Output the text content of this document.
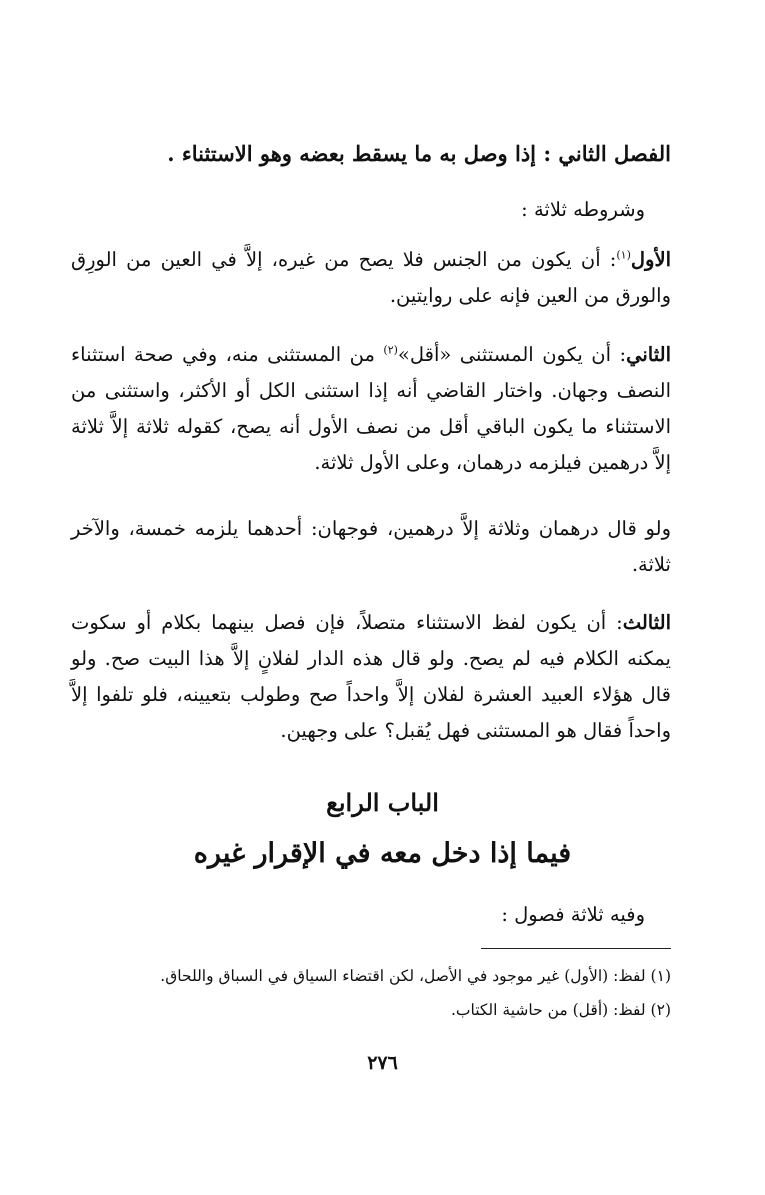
الفصل الثاني : إذا وصل به ما يسقط بعضه وهو الاستثناء .

وشروطه ثلاثة :

الأول$^{(١)}$: أن يكون من الجنس فلا يصح من غيره، إلاَّ في العين من الورِق والورق من العين فإنه على روايتين.

الثاني: أن يكون المستثنى «أقل»$^{(٢)}$ من المستثنى منه، وفي صحة استثناء النصف وجهان. واختار القاضي أنه إذا استثنى الكل أو الأكثر، واستثنى من الاستثناء ما يكون الباقي أقل من نصف الأول أنه يصح، كقوله ثلاثة إلاَّ ثلاثة إلاَّ درهمين فيلزمه درهمان، وعلى الأول ثلاثة.

ولو قال درهمان وثلاثة إلاَّ درهمين، فوجهان: أحدهما يلزمه خمسة، والآخر ثلاثة.

الثالث: أن يكون لفظ الاستثناء متصلاً، فإن فصل بينهما بكلام أو سكوت يمكنه الكلام فيه لم يصح. ولو قال هذه الدار لفلانٍ إلاَّ هذا البيت صح. ولو قال هؤلاء العبيد العشرة لفلان إلاَّ واحداً صح وطولب بتعيينه، فلو تلفوا إلاَّ واحداً فقال هو المستثنى فهل يُقبل؟ على وجهين.

الباب الرابع
فيما إذا دخل معه في الإقرار غيره

وفيه ثلاثة فصول :

(١) لفظ: (الأول) غير موجود في الأصل، لكن اقتضاء السياق في السباق واللحاق.
(٢) لفظ: (أقل) من حاشية الكتاب.
٢٧٦
